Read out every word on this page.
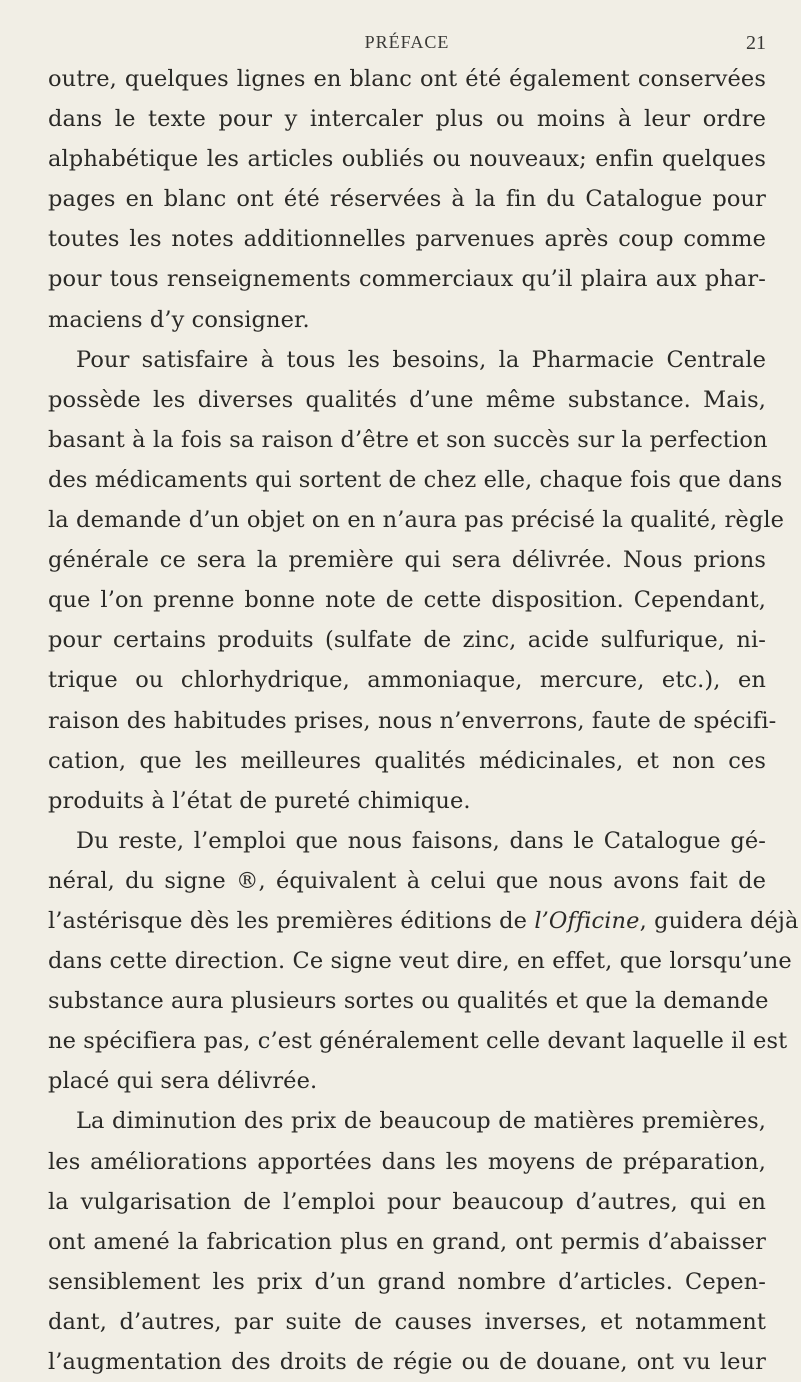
PRÉFACE	21
outre, quelques lignes en blanc ont été également conservées
dans le texte pour y intercaler plus ou moins à leur ordre
alphabétique les articles oubliés ou nouveaux; enfin quelques
pages en blanc ont été réservées à la fin du Catalogue pour
toutes les notes additionnelles parvenues après coup comme
pour tous renseignements commerciaux qu’il plaira aux phar-
maciens d’y consigner.
Pour satisfaire à tous les besoins, la Pharmacie Centrale
possède les diverses qualités d’une même substance. Mais,
basant à la fois sa raison d’être et son succès sur la perfection
des médicaments qui sortent de chez elle, chaque fois que dans
la demande d’un objet on en n’aura pas précisé la qualité, règle
générale ce sera la première qui sera délivrée. Nous prions
que l’on prenne bonne note de cette disposition. Cependant,
pour certains produits (sulfate de zinc, acide sulfurique, ni-
trique ou chlorhydrique, ammoniaque, mercure, etc.), en
raison des habitudes prises, nous n’enverrons, faute de spécifi-
cation, que les meilleures qualités médicinales, et non ces
produits à l’état de pureté chimique.
Du reste, l’emploi que nous faisons, dans le Catalogue gé-
néral, du signe ®, équivalent à celui que nous avons fait de
l’astérisque dès les premières éditions de l’Officine, guidera déjà
dans cette direction. Ce signe veut dire, en effet, que lorsqu’une
substance aura plusieurs sortes ou qualités et que la demande
ne spécifiera pas, c’est généralement celle devant laquelle il est
placé qui sera délivrée.
La diminution des prix de beaucoup de matières premières,
les améliorations apportées dans les moyens de préparation,
la vulgarisation de l’emploi pour beaucoup d’autres, qui en
ont amené la fabrication plus en grand, ont permis d’abaisser
sensiblement les prix d’un grand nombre d’articles. Cepen-
dant, d’autres, par suite de causes inverses, et notamment
l’augmentation des droits de régie ou de douane, ont vu leur
